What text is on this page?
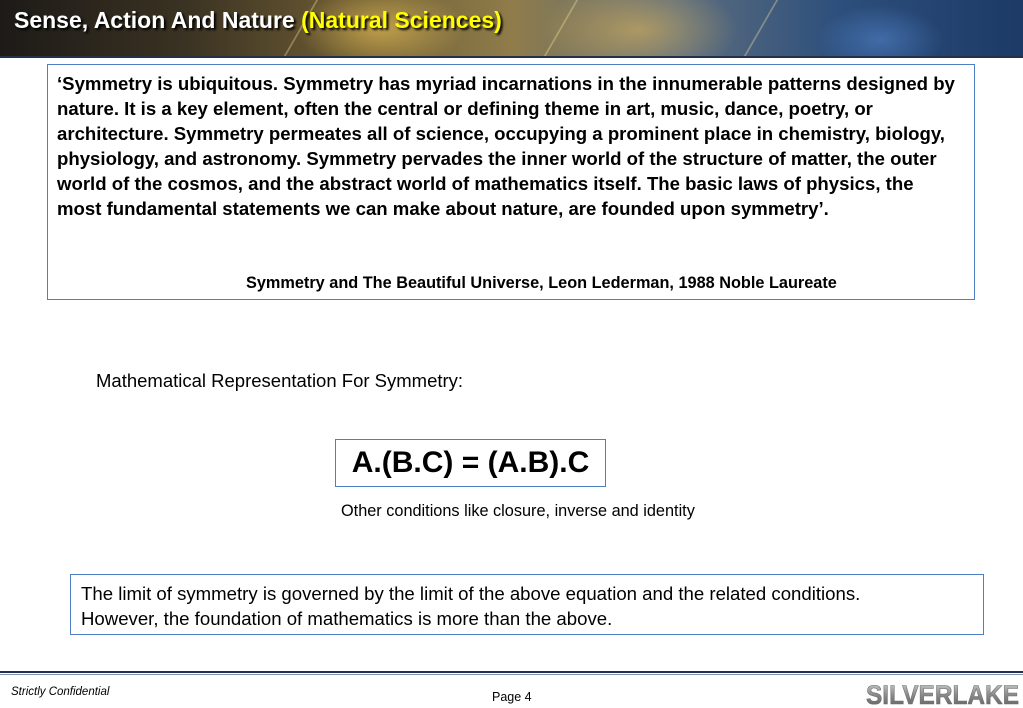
Sense, Action And Nature (Natural Sciences)

‘Symmetry is ubiquitous. Symmetry has myriad incarnations in the innumerable patterns designed by nature. It is a key element, often the central or defining theme in art, music, dance, poetry, or architecture. Symmetry permeates all of science, occupying a prominent place in chemistry, biology, physiology, and astronomy. Symmetry pervades the inner world of the structure of matter, the outer world of the cosmos, and the abstract world of mathematics itself. The basic laws of physics, the most fundamental statements we can make about nature, are founded upon symmetry’.

Symmetry and The Beautiful Universe, Leon Lederman, 1988 Noble Laureate

Mathematical Representation For Symmetry:

A.(B.C) = (A.B).C

Other conditions like closure, inverse and identity

The limit of symmetry is governed by the limit of the above equation and the related conditions.
However, the foundation of mathematics is more than the above.

Strictly Confidential	Page 4	SILVERLAKE
